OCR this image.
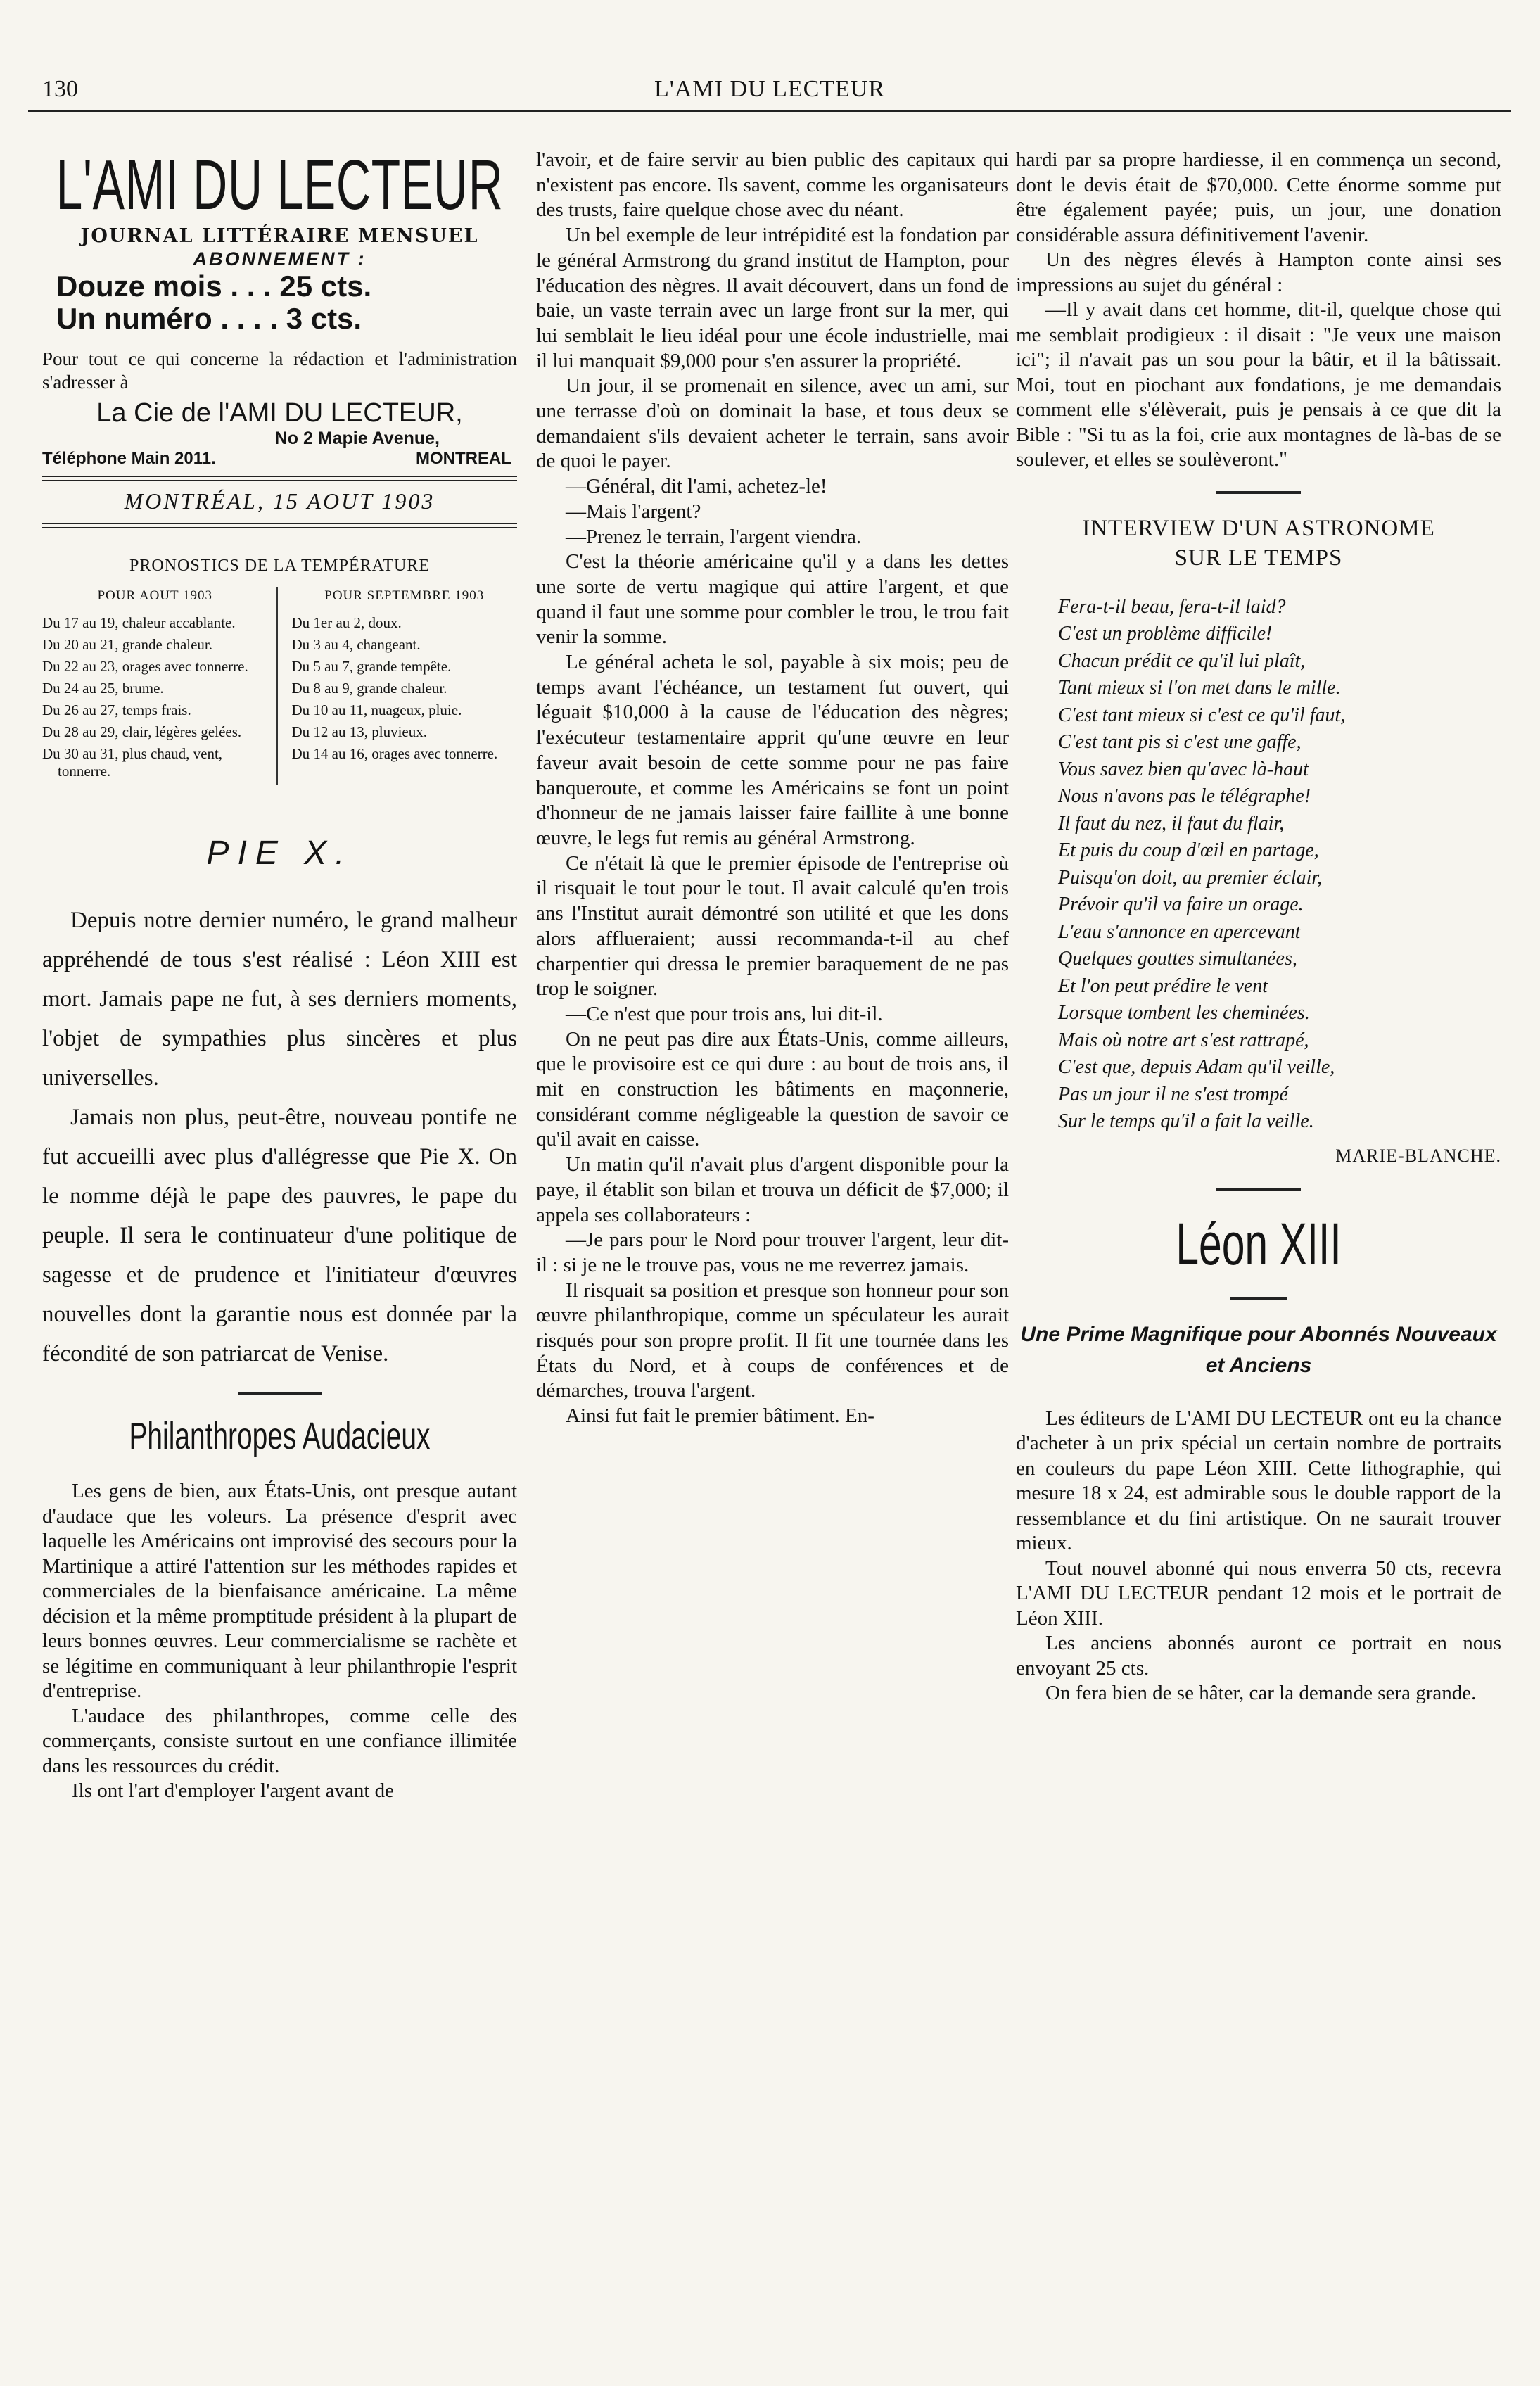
130	L'AMI DU LECTEUR
L'AMI DU LECTEUR
JOURNAL LITTÉRAIRE MENSUEL
ABONNEMENT :
Douze mois . . . 25 cts.
Un numéro . . . . 3 cts.
Pour tout ce qui concerne la rédaction et l'administration s'adresser à
La Cie de l'AMI DU LECTEUR,
No 2 Mapie Avenue,
Téléphone Main 2011.	MONTREAL
MONTRÉAL, 15 AOUT 1903
PRONOSTICS DE LA TEMPÉRATURE
POUR AOUT 1903
Du 17 au 19, chaleur accablante.
Du 20 au 21, grande chaleur.
Du 22 au 23, orages avec tonnerre.
Du 24 au 25, brume.
Du 26 au 27, temps frais.
Du 28 au 29, clair, légères gelées.
Du 30 au 31, plus chaud, vent, tonnerre.
POUR SEPTEMBRE 1903
Du 1er au 2, doux.
Du 3 au 4, changeant.
Du 5 au 7, grande tempête.
Du 8 au 9, grande chaleur.
Du 10 au 11, nuageux, pluie.
Du 12 au 13, pluvieux.
Du 14 au 16, orages avec tonnerre.
PIE X.

Depuis notre dernier numéro, le grand malheur appréhendé de tous s'est réalisé : Léon XIII est mort. Jamais pape ne fut, à ses derniers moments, l'objet de sympathies plus sincères et plus universelles.

Jamais non plus, peut-être, nouveau pontife ne fut accueilli avec plus d'allégresse que Pie X. On le nomme déjà le pape des pauvres, le pape du peuple. Il sera le continuateur d'une politique de sagesse et de prudence et l'initiateur d'œuvres nouvelles dont la garantie nous est donnée par la fécondité de son patriarcat de Venise.

Philanthropes Audacieux

Les gens de bien, aux États-Unis, ont presque autant d'audace que les voleurs. La présence d'esprit avec laquelle les Américains ont improvisé des secours pour la Martinique a attiré l'attention sur les méthodes rapides et commerciales de la bienfaisance américaine. La même décision et la même promptitude président à la plupart de leurs bonnes œuvres. Leur commercialisme se rachète et se légitime en communiquant à leur philanthropie l'esprit d'entreprise.

L'audace des philanthropes, comme celle des commerçants, consiste surtout en une confiance illimitée dans les ressources du crédit.

Ils ont l'art d'employer l'argent avant de

l'avoir, et de faire servir au bien public des capitaux qui n'existent pas encore. Ils savent, comme les organisateurs des trusts, faire quelque chose avec du néant.

Un bel exemple de leur intrépidité est la fondation par le général Armstrong du grand institut de Hampton, pour l'éducation des nègres. Il avait découvert, dans un fond de baie, un vaste terrain avec un large front sur la mer, qui lui semblait le lieu idéal pour une école industrielle, mai il lui manquait $9,000 pour s'en assurer la propriété.

Un jour, il se promenait en silence, avec un ami, sur une terrasse d'où on dominait la base, et tous deux se demandaient s'ils devaient acheter le terrain, sans avoir de quoi le payer.

—Général, dit l'ami, achetez-le!

—Mais l'argent?

—Prenez le terrain, l'argent viendra.

C'est la théorie américaine qu'il y a dans les dettes une sorte de vertu magique qui attire l'argent, et que quand il faut une somme pour combler le trou, le trou fait venir la somme.

Le général acheta le sol, payable à six mois; peu de temps avant l'échéance, un testament fut ouvert, qui léguait $10,000 à la cause de l'éducation des nègres; l'exécuteur testamentaire apprit qu'une œuvre en leur faveur avait besoin de cette somme pour ne pas faire banqueroute, et comme les Américains se font un point d'honneur de ne jamais laisser faire faillite à une bonne œuvre, le legs fut remis au général Armstrong.

Ce n'était là que le premier épisode de l'entreprise où il risquait le tout pour le tout. Il avait calculé qu'en trois ans l'Institut aurait démontré son utilité et que les dons alors afflueraient; aussi recommanda-t-il au chef charpentier qui dressa le premier baraquement de ne pas trop le soigner.

—Ce n'est que pour trois ans, lui dit-il.

On ne peut pas dire aux États-Unis, comme ailleurs, que le provisoire est ce qui dure : au bout de trois ans, il mit en construction les bâtiments en maçonnerie, considérant comme négligeable la question de savoir ce qu'il avait en caisse.

Un matin qu'il n'avait plus d'argent disponible pour la paye, il établit son bilan et trouva un déficit de $7,000; il appela ses collaborateurs :

—Je pars pour le Nord pour trouver l'argent, leur dit-il : si je ne le trouve pas, vous ne me reverrez jamais.

Il risquait sa position et presque son honneur pour son œuvre philanthropique, comme un spéculateur les aurait risqués pour son propre profit. Il fit une tournée dans les États du Nord, et à coups de conférences et de démarches, trouva l'argent.

Ainsi fut fait le premier bâtiment. En-

hardi par sa propre hardiesse, il en commença un second, dont le devis était de $70,000. Cette énorme somme put être également payée; puis, un jour, une donation considérable assura définitivement l'avenir.

Un des nègres élevés à Hampton conte ainsi ses impressions au sujet du général :

—Il y avait dans cet homme, dit-il, quelque chose qui me semblait prodigieux : il disait : "Je veux une maison ici"; il n'avait pas un sou pour la bâtir, et il la bâtissait. Moi, tout en piochant aux fondations, je me demandais comment elle s'élèverait, puis je pensais à ce que dit la Bible : "Si tu as la foi, crie aux montagnes de là-bas de se soulever, et elles se soulèveront."

INTERVIEW D'UN ASTRONOME
SUR LE TEMPS
Fera-t-il beau, fera-t-il laid?
C'est un problème difficile!
Chacun prédit ce qu'il lui plaît,
Tant mieux si l'on met dans le mille.
C'est tant mieux si c'est ce qu'il faut,
C'est tant pis si c'est une gaffe,
Vous savez bien qu'avec là-haut
Nous n'avons pas le télégraphe!
Il faut du nez, il faut du flair,
Et puis du coup d'œil en partage,
Puisqu'on doit, au premier éclair,
Prévoir qu'il va faire un orage.
L'eau s'annonce en apercevant
Quelques gouttes simultanées,
Et l'on peut prédire le vent
Lorsque tombent les cheminées.
Mais où notre art s'est rattrapé,
C'est que, depuis Adam qu'il veille,
Pas un jour il ne s'est trompé
Sur le temps qu'il a fait la veille.
MARIE-BLANCHE.
Léon XIII
Une Prime Magnifique pour Abonnés Nouveaux et Anciens

Les éditeurs de L'AMI DU LECTEUR ont eu la chance d'acheter à un prix spécial un certain nombre de portraits en couleurs du pape Léon XIII. Cette lithographie, qui mesure 18 x 24, est admirable sous le double rapport de la ressemblance et du fini artistique. On ne saurait trouver mieux.

Tout nouvel abonné qui nous enverra 50 cts, recevra L'AMI DU LECTEUR pendant 12 mois et le portrait de Léon XIII.

Les anciens abonnés auront ce portrait en nous envoyant 25 cts.

On fera bien de se hâter, car la demande sera grande.
